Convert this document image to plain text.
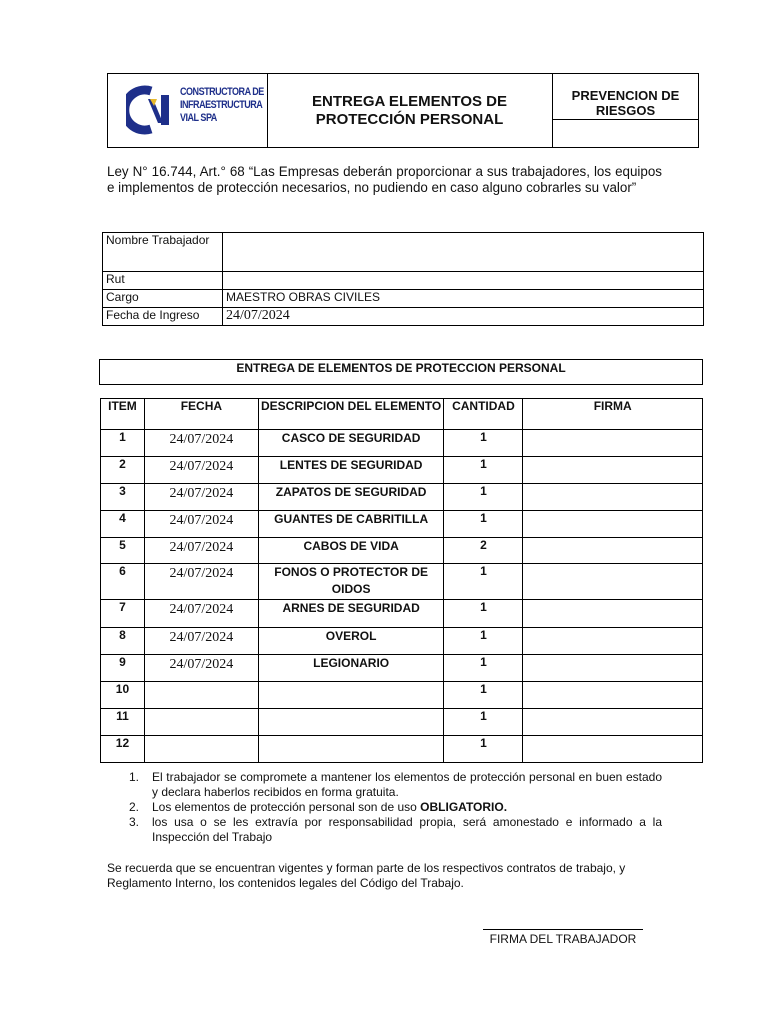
CONSTRUCTORA DE
INFRAESTRUCTURA
VIAL SPA
ENTREGA ELEMENTOS DE
PROTECCIÓN PERSONAL
PREVENCION DE
RIESGOS
Ley N° 16.744, Art.° 68 “Las Empresas deberán proporcionar a sus trabajadores, los equipos e implementos de protección necesarios, no pudiendo en caso alguno cobrarles su valor”
Nombre Trabajador	
Rut	
Cargo	MAESTRO OBRAS CIVILES
Fecha de Ingreso	24/07/2024
ENTREGA DE ELEMENTOS DE PROTECCION PERSONAL
ITEM	FECHA	DESCRIPCION DEL ELEMENTO	CANTIDAD	FIRMA
1	24/07/2024	CASCO DE SEGURIDAD	1	
2	24/07/2024	LENTES DE SEGURIDAD	1	
3	24/07/2024	ZAPATOS DE SEGURIDAD	1	
4	24/07/2024	GUANTES DE CABRITILLA	1	
5	24/07/2024	CABOS DE VIDA	2	
6	24/07/2024	FONOS O PROTECTOR DE OIDOS	1	
7	24/07/2024	ARNES DE SEGURIDAD	1	
8	24/07/2024	OVEROL	1	
9	24/07/2024	LEGIONARIO	1	
10			1	
11			1	
12			1	
1. El trabajador se compromete a mantener los elementos de protección personal en buen estado y declara haberlos recibidos en forma gratuita.
2. Los elementos de protección personal son de uso OBLIGATORIO.
3. los usa o se les extravía por responsabilidad propia, será amonestado e informado a la Inspección del Trabajo
Se recuerda que se encuentran vigentes y forman parte de los respectivos contratos de trabajo, y Reglamento Interno, los contenidos legales del Código del Trabajo.
FIRMA DEL TRABAJADOR
